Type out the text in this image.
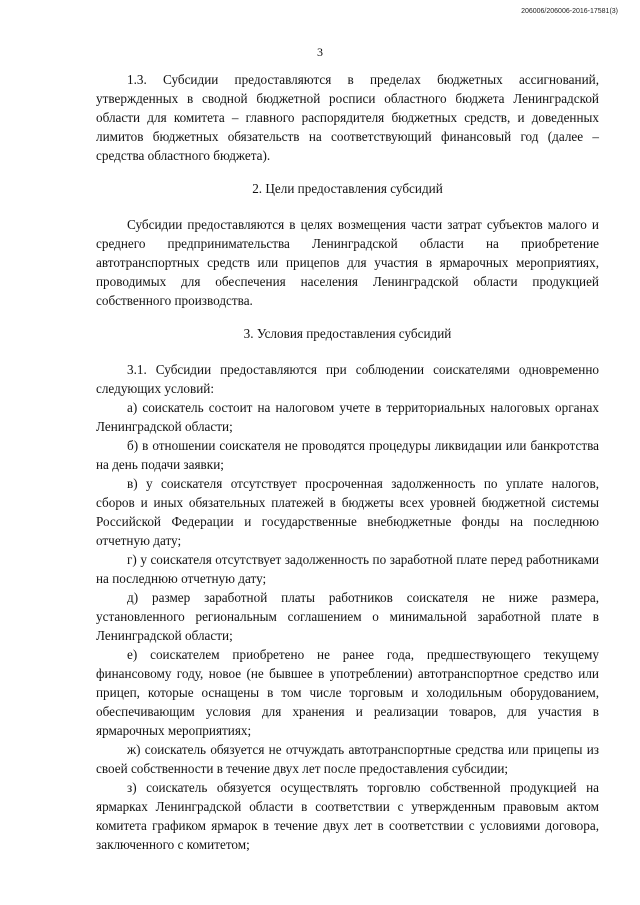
206006/206006-2016-17581(3)
3

1.3. Субсидии предоставляются в пределах бюджетных ассигнований, утвержденных в сводной бюджетной росписи областного бюджета Ленинградской области для комитета – главного распорядителя бюджетных средств, и доведенных лимитов бюджетных обязательств на соответствующий финансовый год (далее – средства областного бюджета).

2. Цели предоставления субсидий

Субсидии предоставляются в целях возмещения части затрат субъектов малого и среднего предпринимательства Ленинградской области на приобретение автотранспортных средств или прицепов для участия в ярмарочных мероприятиях, проводимых для обеспечения населения Ленинградской области продукцией собственного производства.

3. Условия предоставления субсидий

3.1. Субсидии предоставляются при соблюдении соискателями одновременно следующих условий:

а) соискатель состоит на налоговом учете в территориальных налоговых органах Ленинградской области;

б) в отношении соискателя не проводятся процедуры ликвидации или банкротства на день подачи заявки;

в) у соискателя отсутствует просроченная задолженность по уплате налогов, сборов и иных обязательных платежей в бюджеты всех уровней бюджетной системы Российской Федерации и государственные внебюджетные фонды на последнюю отчетную дату;

г) у соискателя отсутствует задолженность по заработной плате перед работниками на последнюю отчетную дату;

д) размер заработной платы работников соискателя не ниже размера, установленного региональным соглашением о минимальной заработной плате в Ленинградской области;

е) соискателем приобретено не ранее года, предшествующего текущему финансовому году, новое (не бывшее в употреблении) автотранспортное средство или прицеп, которые оснащены в том числе торговым и холодильным оборудованием, обеспечивающим условия для хранения и реализации товаров, для участия в ярмарочных мероприятиях;

ж) соискатель обязуется не отчуждать автотранспортные средства или прицепы из своей собственности в течение двух лет после предоставления субсидии;

з) соискатель обязуется осуществлять торговлю собственной продукцией на ярмарках Ленинградской области в соответствии с утвержденным правовым актом комитета графиком ярмарок в течение двух лет в соответствии с условиями договора, заключенного с комитетом;
